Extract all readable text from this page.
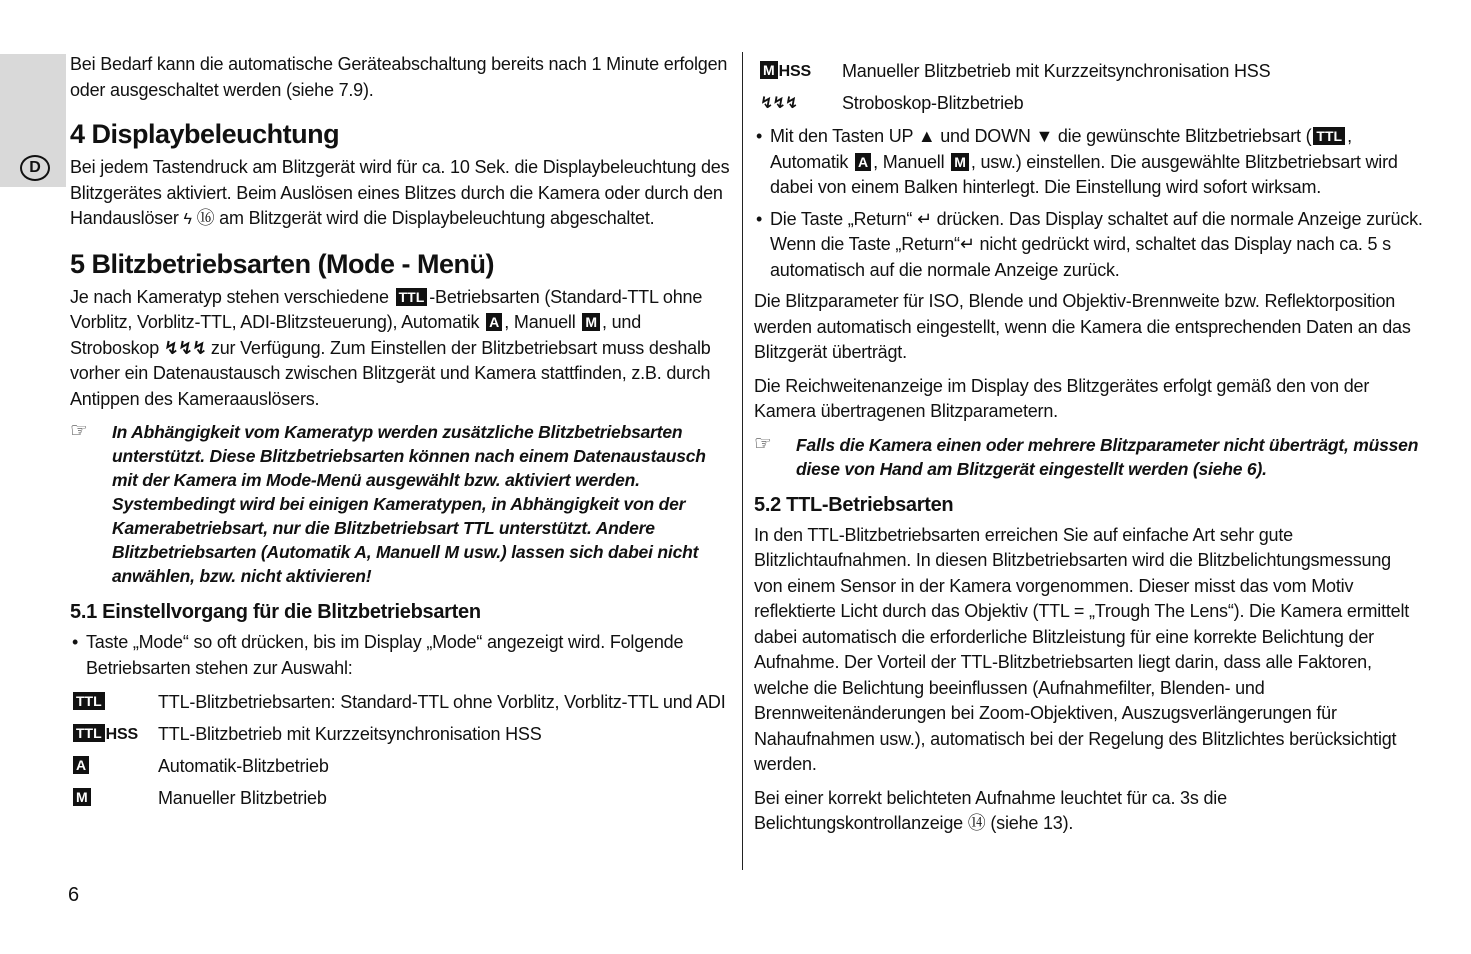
D

Bei Bedarf kann die automatische Geräteabschaltung bereits nach 1 Minute erfolgen oder ausgeschaltet werden (siehe 7.9).

4 Displaybeleuchtung

Bei jedem Tastendruck am Blitzgerät wird für ca. 10 Sek. die Displaybeleuchtung des Blitzgerätes aktiviert. Beim Auslösen eines Blitzes durch die Kamera oder durch den Handauslöser ϟ ⑯ am Blitzgerät wird die Displaybeleuchtung abgeschaltet.

5 Blitzbetriebsarten (Mode - Menü)

Je nach Kameratyp stehen verschiedene TTL -Betriebsarten (Standard-TTL ohne Vorblitz, Vorblitz-TTL, ADI-Blitzsteuerung), Automatik A , Manuell M , und Stroboskop ↯↯↯ zur Verfügung. Zum Einstellen der Blitzbetriebsart muss deshalb vorher ein Datenaustausch zwischen Blitzgerät und Kamera stattfinden, z.B. durch Antippen des Kameraauslösers.

☞ In Abhängigkeit vom Kameratyp werden zusätzliche Blitzbetriebsarten unterstützt. Diese Blitzbetriebsarten können nach einem Datenaustausch mit der Kamera im Mode-Menü ausgewählt bzw. aktiviert werden. Systembedingt wird bei einigen Kameratypen, in Abhängigkeit von der Kamerabetriebsart, nur die Blitzbetriebsart TTL unterstützt. Andere Blitzbetriebsarten (Automatik A, Manuell M usw.) lassen sich dabei nicht anwählen, bzw. nicht aktivieren!
5.1 Einstellvorgang für die Blitzbetriebsarten
• Taste „Mode“ so oft drücken, bis im Display „Mode“ angezeigt wird. Folgende Betriebsarten stehen zur Auswahl:
TTL	TTL-Blitzbetriebsarten: Standard-TTL ohne Vorblitz, Vorblitz-TTL und ADI
TTL HSS	TTL-Blitzbetrieb mit Kurzzeitsynchronisation HSS
A	Automatik-Blitzbetrieb
M	Manueller Blitzbetrieb
6
M HSS	Manueller Blitzbetrieb mit Kurzzeitsynchronisation HSS
↯↯↯	Stroboskop-Blitzbetrieb
• Mit den Tasten UP ▲ und DOWN ▼ die gewünschte Blitzbetriebsart ( TTL , Automatik A , Manuell M , usw.) einstellen. Die ausgewählte Blitzbetriebsart wird dabei von einem Balken hinterlegt. Die Einstellung wird sofort wirksam.
• Die Taste „Return“ ↵ drücken. Das Display schaltet auf die normale Anzeige zurück. Wenn die Taste „Return“↵ nicht gedrückt wird, schaltet das Display nach ca. 5 s automatisch auf die normale Anzeige zurück.

Die Blitzparameter für ISO, Blende und Objektiv-Brennweite bzw. Reflektorposition werden automatisch eingestellt, wenn die Kamera die entsprechenden Daten an das Blitzgerät überträgt.

Die Reichweitenanzeige im Display des Blitzgerätes erfolgt gemäß den von der Kamera übertragenen Blitzparametern.

☞ Falls die Kamera einen oder mehrere Blitzparameter nicht überträgt, müssen diese von Hand am Blitzgerät eingestellt werden (siehe 6).
5.2 TTL-Betriebsarten

In den TTL-Blitzbetriebsarten erreichen Sie auf einfache Art sehr gute Blitzlichtaufnahmen. In diesen Blitzbetriebsarten wird die Blitzbelichtungsmessung von einem Sensor in der Kamera vorgenommen. Dieser misst das vom Motiv reflektierte Licht durch das Objektiv (TTL = „Trough The Lens“). Die Kamera ermittelt dabei automatisch die erforderliche Blitzleistung für eine korrekte Belichtung der Aufnahme. Der Vorteil der TTL-Blitzbetriebsarten liegt darin, dass alle Faktoren, welche die Belichtung beeinflussen (Aufnahmefilter, Blenden- und Brennweitenänderungen bei Zoom-Objektiven, Auszugsverlängerungen für Nahaufnahmen usw.), automatisch bei der Regelung des Blitzlichtes berücksichtigt werden.

Bei einer korrekt belichteten Aufnahme leuchtet für ca. 3s die Belichtungskontrollanzeige ⑭ (siehe 13).
